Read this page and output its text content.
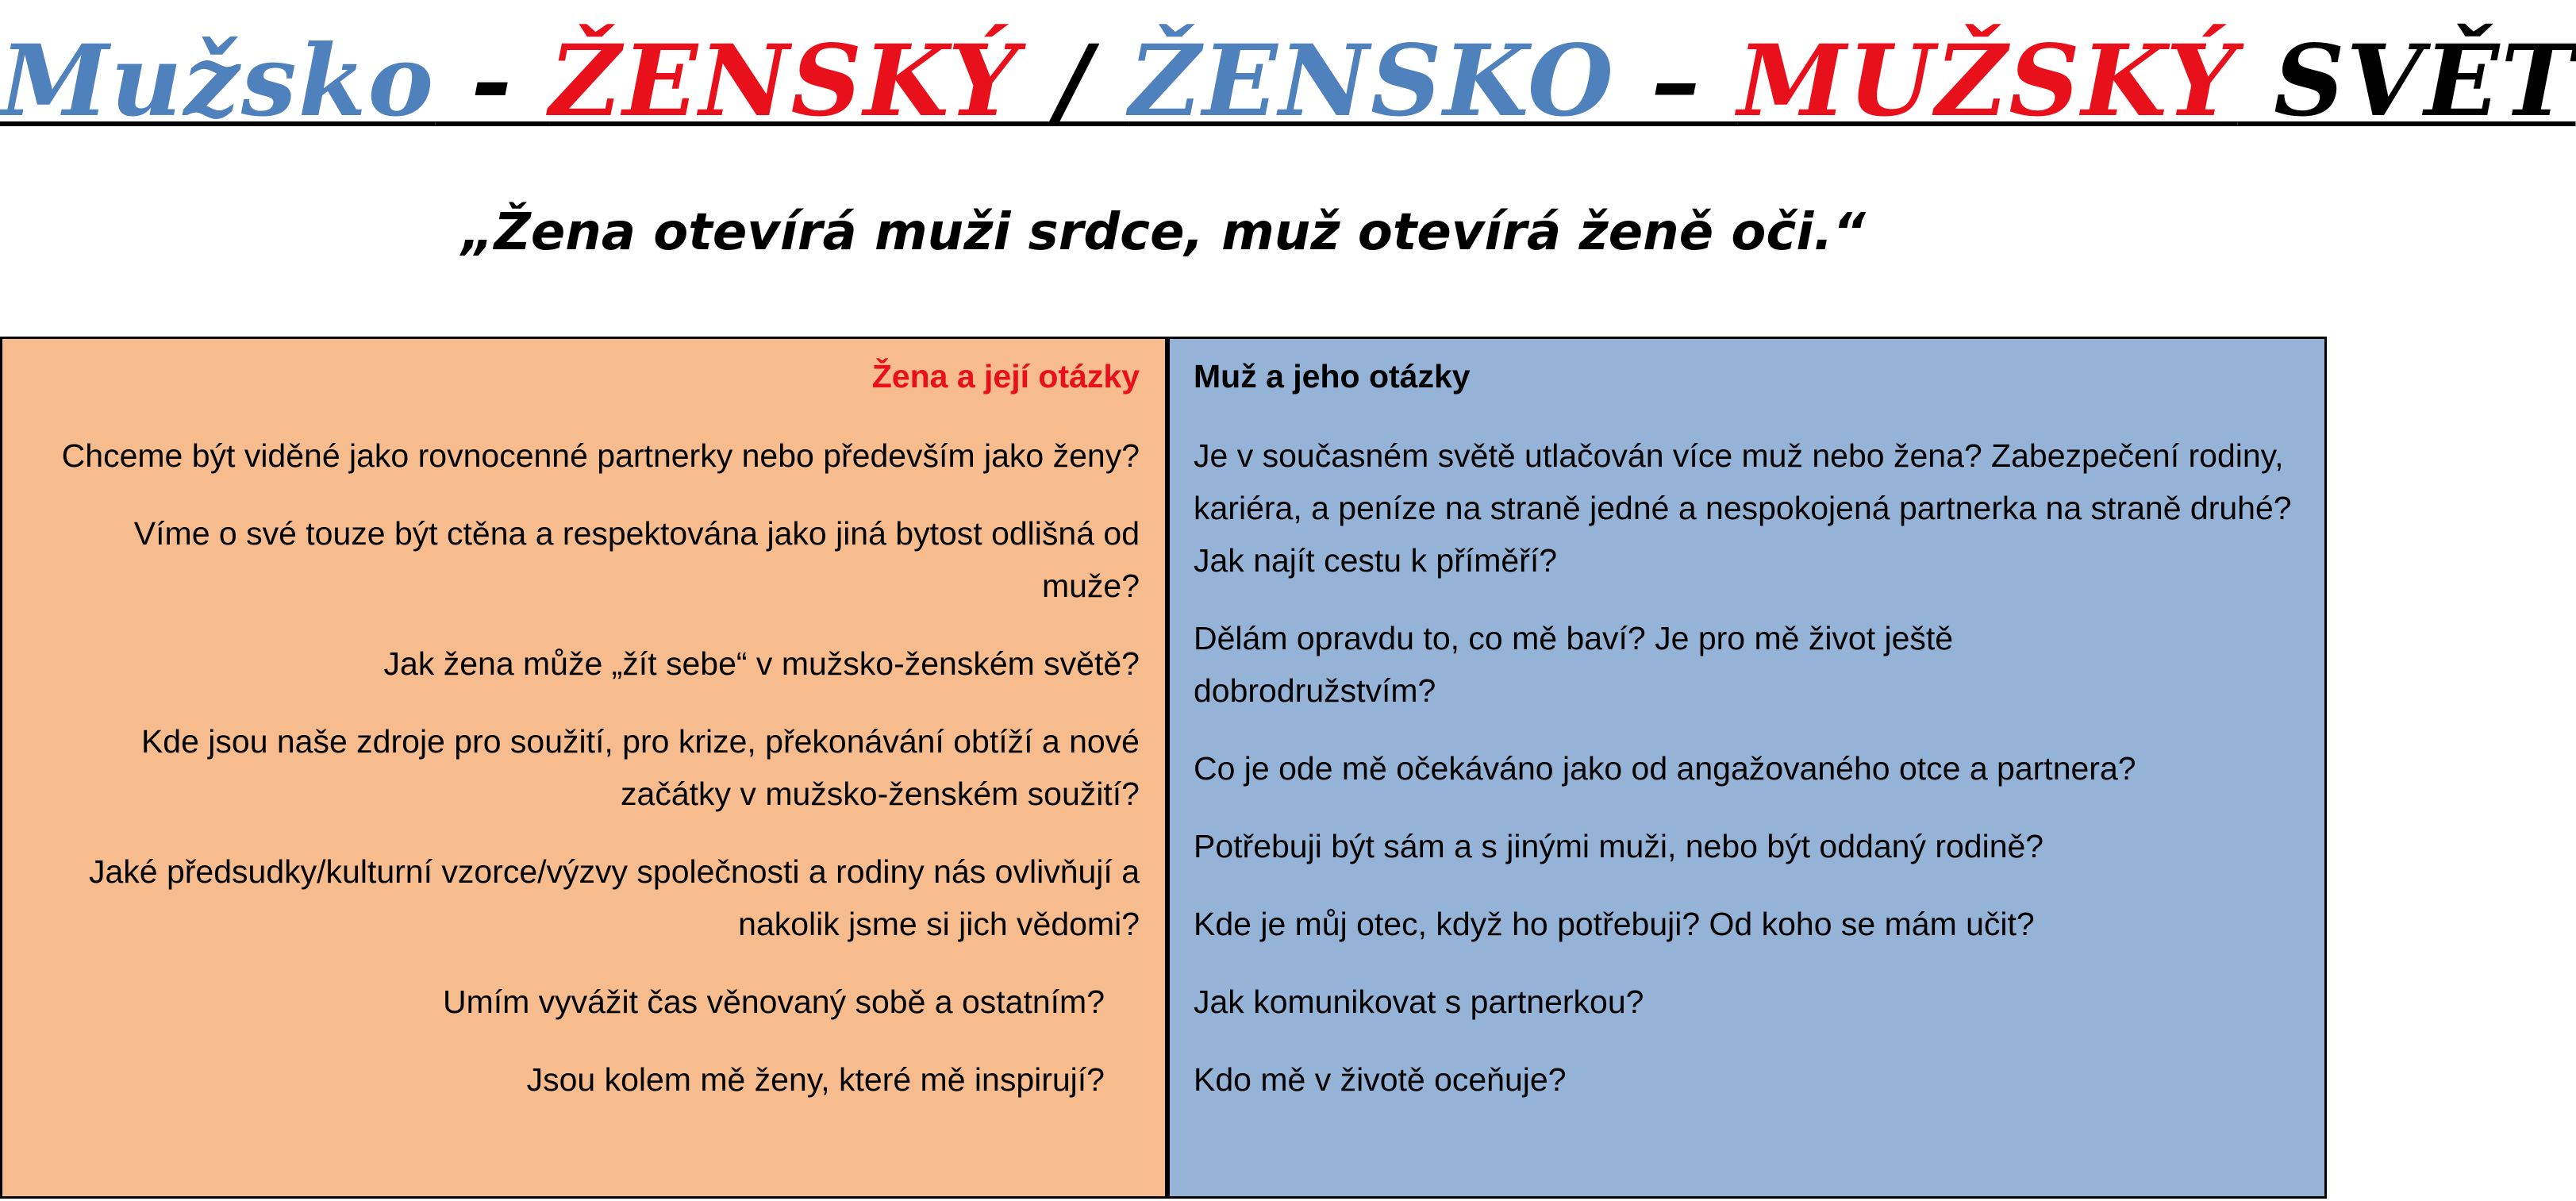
Mužsko - ŽENSKÝ / ŽENSKO – MUŽSKÝ SVĚT
„Žena otevírá muži srdce, muž otevírá ženě oči.“

Žena a její otázky

Chceme být viděné jako rovnocenné partnerky nebo především jako ženy?

Víme o své touze být ctěna a respektována jako jiná bytost odlišná od muže?

Jak žena může „žít sebe“ v mužsko-ženském světě?

Kde jsou naše zdroje pro soužití, pro krize, překonávání obtíží a nové začátky v mužsko-ženském soužití?

Jaké předsudky/kulturní vzorce/výzvy společnosti a rodiny nás ovlivňují a nakolik jsme si jich vědomi?

Umím vyvážit čas věnovaný sobě a ostatním?

Jsou kolem mě ženy, které mě inspirují?

Muž a jeho otázky

Je v současném světě utlačován více muž nebo žena? Zabezpečení rodiny, kariéra, a peníze na straně jedné a nespokojená partnerka na straně druhé? Jak najít cestu k příměří?

Dělám opravdu to, co mě baví? Je pro mě život ještě dobrodružstvím?

Co je ode mě očekáváno jako od angažovaného otce a partnera?

Potřebuji být sám a s jinými muži, nebo být oddaný rodině?

Kde je můj otec, když ho potřebuji? Od koho se mám učit?

Jak komunikovat s partnerkou?

Kdo mě v životě oceňuje?
